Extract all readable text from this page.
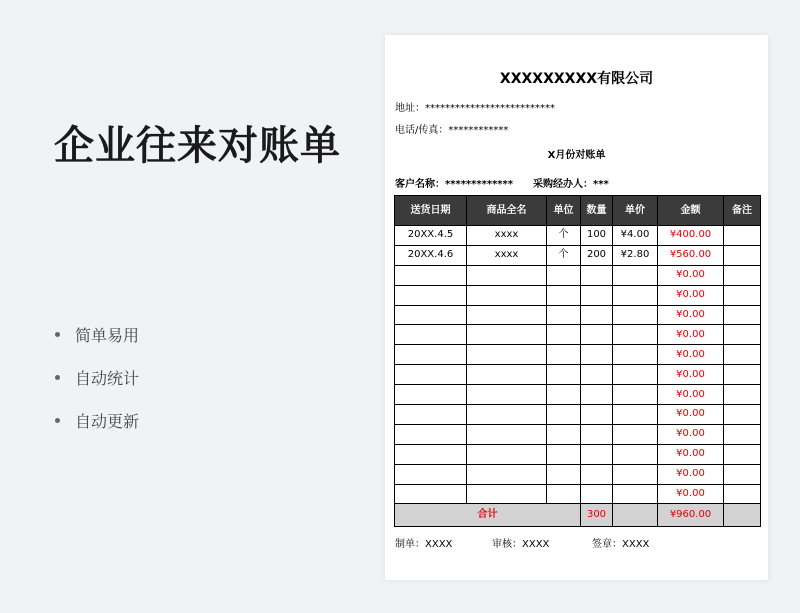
企业往来对账单
简单易用
自动统计
自动更新
XXXXXXXXX有限公司
地址：**************************
电话/传真：************
X月份对账单
客户名称：************* 采购经办人：***
送货日期	商品全名	单位	数量	单价	金额	备注
20XX.4.5	xxxx	个	100	¥4.00	¥400.00	
20XX.4.6	xxxx	个	200	¥2.80	¥560.00	
					¥0.00	
					¥0.00	
					¥0.00	
					¥0.00	
					¥0.00	
					¥0.00	
					¥0.00	
					¥0.00	
					¥0.00	
					¥0.00	
					¥0.00	
					¥0.00	
合计			300		¥960.00	
制单：XXXX	审核：XXXX	签章：XXXX
